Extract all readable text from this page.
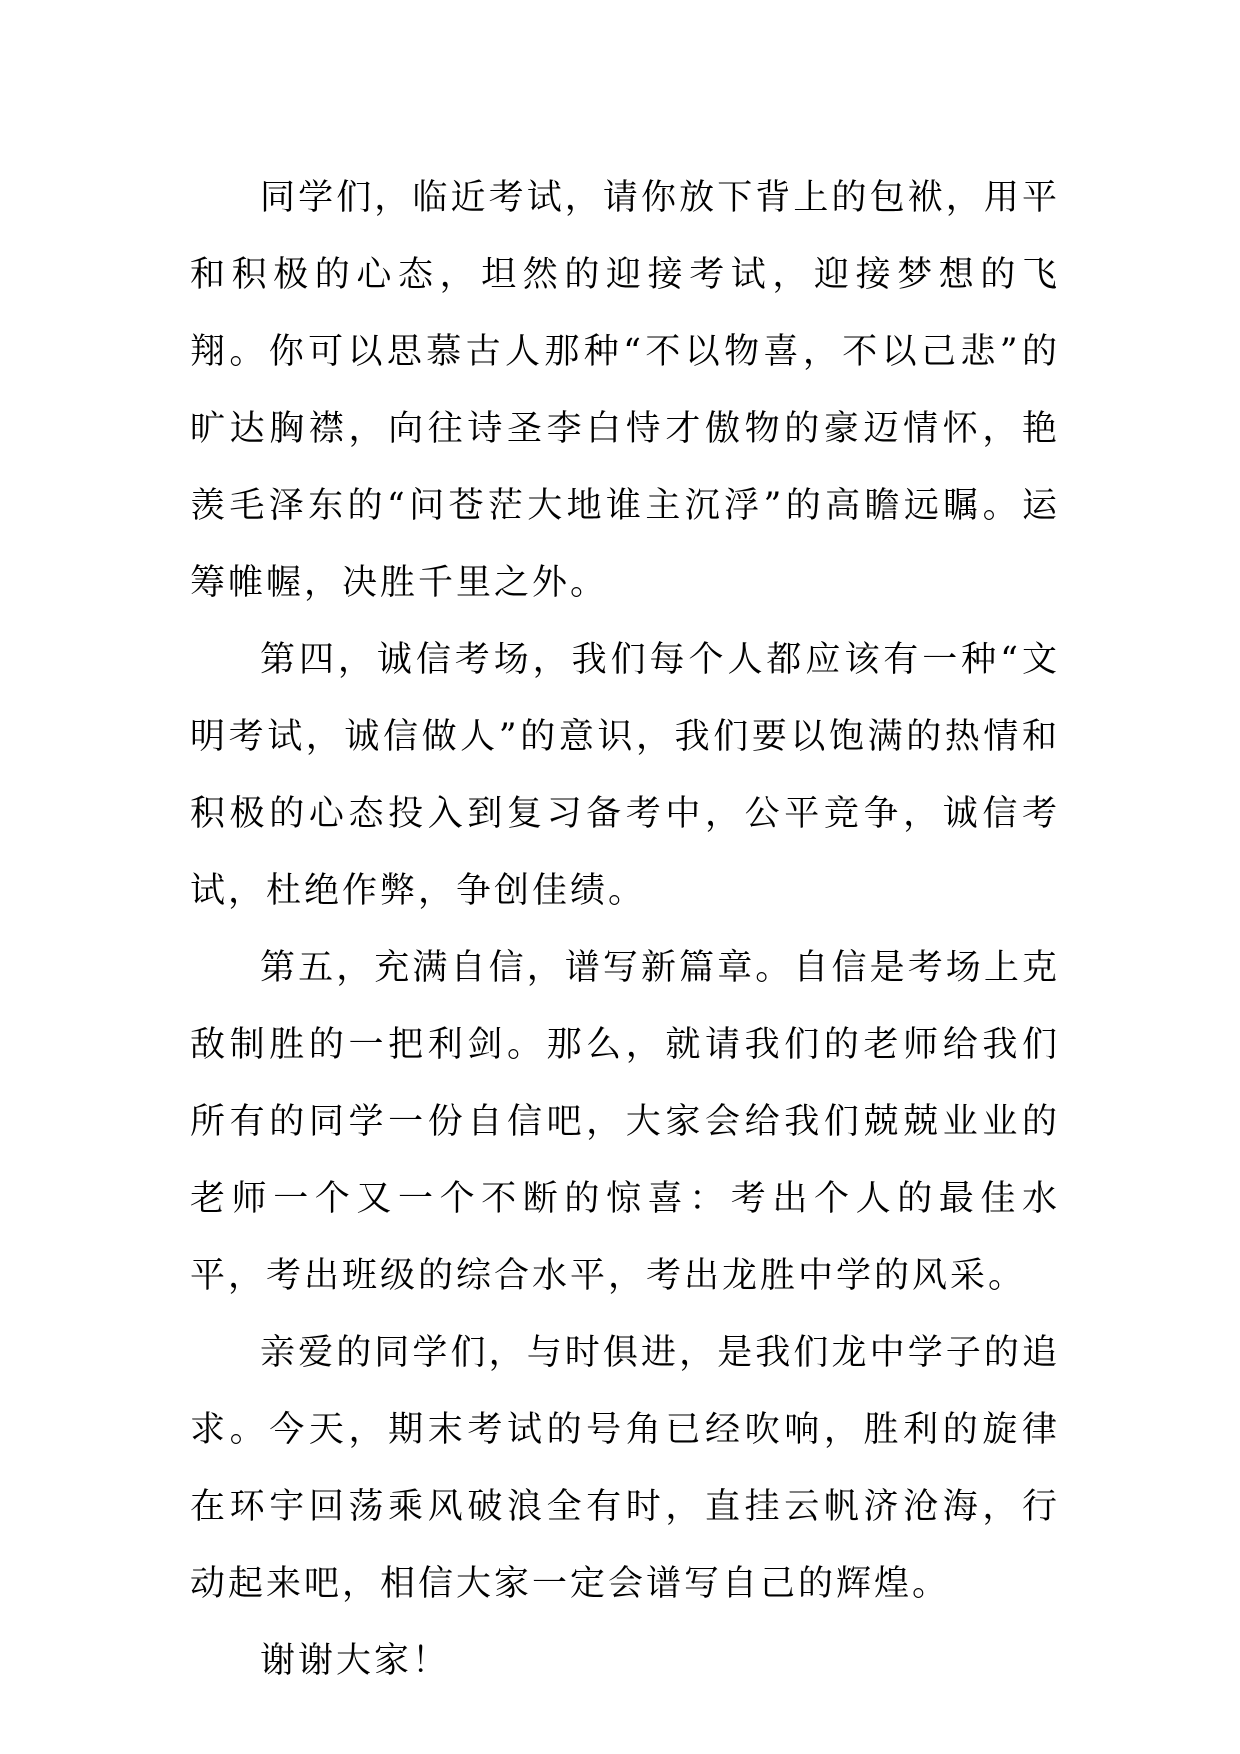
同学们，临近考试，请你放下背上的包袱，用平和积极的心态，坦然的迎接考试，迎接梦想的飞翔。你可以思慕古人那种“不以物喜，不以己悲”的旷达胸襟，向往诗圣李白恃才傲物的豪迈情怀，艳羡毛泽东的“问苍茫大地谁主沉浮”的高瞻远瞩。运筹帷幄，决胜千里之外。

第四，诚信考场，我们每个人都应该有一种“文明考试，诚信做人”的意识，我们要以饱满的热情和积极的心态投入到复习备考中，公平竞争，诚信考试，杜绝作弊，争创佳绩。

第五，充满自信，谱写新篇章。自信是考场上克敌制胜的一把利剑。那么，就请我们的老师给我们所有的同学一份自信吧，大家会给我们兢兢业业的老师一个又一个不断的惊喜：考出个人的最佳水平，考出班级的综合水平，考出龙胜中学的风采。

亲爱的同学们，与时俱进，是我们龙中学子的追求。今天，期末考试的号角已经吹响，胜利的旋律在环宇回荡乘风破浪全有时，直挂云帆济沧海，行动起来吧，相信大家一定会谱写自己的辉煌。

谢谢大家！
